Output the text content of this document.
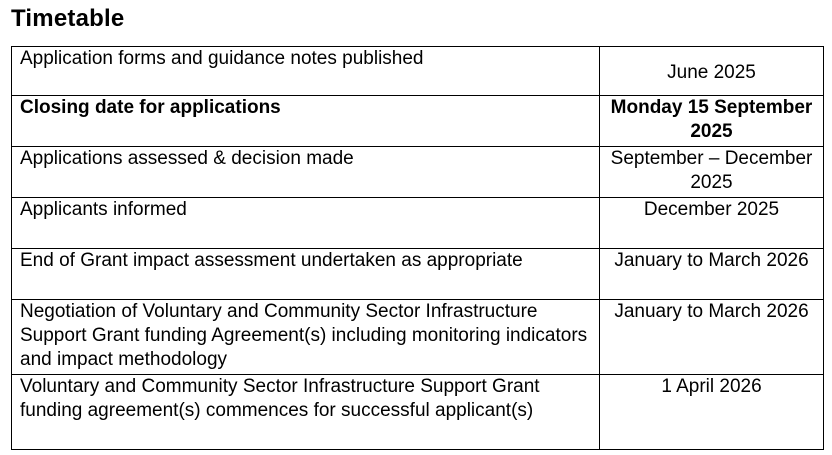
Timetable
Application forms and guidance notes published	June 2025
Closing date for applications	Monday 15 September 2025
Applications assessed & decision made	September – December 2025
Applicants informed	December 2025
End of Grant impact assessment undertaken as appropriate	January to March 2026
Negotiation of Voluntary and Community Sector Infrastructure Support Grant funding Agreement(s) including monitoring indicators and impact methodology	January to March 2026
Voluntary and Community Sector Infrastructure Support Grant funding agreement(s) commences for successful applicant(s)	1 April 2026
